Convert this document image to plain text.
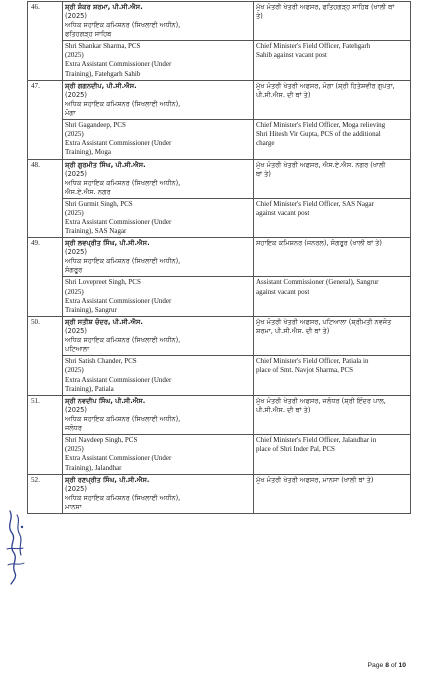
46.	ਸ਼੍ਰੀ ਸ਼ੰਕਰ ਸ਼ਰਮਾ, ਪੀ.ਸੀ.ਐਸ.
(2025)
ਅਧਿਕ ਸਹਾਇਕ ਕਮਿਸ਼ਨਰ (ਸਿਖਲਾਈ ਅਧੀਨ),
ਫਤਿਹਗੜ੍ਹ ਸਾਹਿਬ	ਮੁੱਖ ਮੰਤਰੀ ਖੇਤਰੀ ਅਫਸਰ, ਫਤਿਹਗੜ੍ਹ ਸਾਹਿਬ (ਖਾਲੀ ਥਾਂ
ਤੇ)

	Shri Shankar Sharma, PCS
(2025)
Extra Assistant Commissioner (Under
Training), Fatehgarh Sahib	Chief Minister's Field Officer, Fatehgarh
Sahib against vacant post

47.	ਸ਼੍ਰੀ ਗਗਨਦੀਪ, ਪੀ.ਸੀ.ਐਸ.
(2025)
ਅਧਿਕ ਸਹਾਇਕ ਕਮਿਸ਼ਨਰ (ਸਿਖਲਾਈ ਅਧੀਨ),
ਮੋਗਾ	ਮੁੱਖ ਮੰਤਰੀ ਖੇਤਰੀ ਅਫਸਰ, ਮੋਗਾ (ਸ਼੍ਰੀ ਹਿਤੇਸ਼ਵੀਰ ਗੁਪਤਾ,
ਪੀ.ਸੀ.ਐਸ. ਦੀ ਥਾਂ ਤੇ)

	Shri Gagandeep, PCS
(2025)
Extra Assistant Commissioner (Under
Training), Moga	Chief Minister's Field Officer, Moga relieving
Shri Hitesh Vir Gupta, PCS of the additional
charge

48.	ਸ਼੍ਰੀ ਗੁਰਮੀਤ ਸਿੰਘ, ਪੀ.ਸੀ.ਐਸ.
(2025)
ਅਧਿਕ ਸਹਾਇਕ ਕਮਿਸ਼ਨਰ (ਸਿਖਲਾਈ ਅਧੀਨ),
ਐਸ.ਏ.ਐਸ. ਨਗਰ	ਮੁੱਖ ਮੰਤਰੀ ਖੇਤਰੀ ਅਫਸਰ, ਐਸ.ਏ.ਐਸ. ਨਗਰ (ਖਾਲੀ
ਥਾਂ ਤੇ)

	Shri Gurmit Singh, PCS
(2025)
Extra Assistant Commissioner (Under
Training), SAS Nagar	Chief Minister's Field Officer, SAS Nagar
against vacant post

49.	ਸ਼੍ਰੀ ਲਵਪ੍ਰੀਤ ਸਿੰਘ, ਪੀ.ਸੀ.ਐਸ.
(2025)
ਅਧਿਕ ਸਹਾਇਕ ਕਮਿਸ਼ਨਰ (ਸਿਖਲਾਈ ਅਧੀਨ),
ਸੰਗਰੂਰ	ਸਹਾਇਕ ਕਮਿਸ਼ਨਰ (ਜਨਰਲ), ਸੰਗਰੂਰ (ਖਾਲੀ ਥਾਂ ਤੇ)

	Shri Lovepreet Singh, PCS
(2025)
Extra Assistant Commissioner (Under
Training), Sangrur	Assistant Commissioner (General), Sangrur
against vacant post

50.	ਸ਼੍ਰੀ ਸਤੀਸ਼ ਚੰਦਰ, ਪੀ.ਸੀ.ਐਸ.
(2025)
ਅਧਿਕ ਸਹਾਇਕ ਕਮਿਸ਼ਨਰ (ਸਿਖਲਾਈ ਅਧੀਨ),
ਪਟਿਆਲਾ	ਮੁੱਖ ਮੰਤਰੀ ਖੇਤਰੀ ਅਫਸਰ, ਪਟਿਆਲਾ (ਸ਼੍ਰੀਮਤੀ ਨਵਜੋਤ
ਸ਼ਰਮਾ, ਪੀ.ਸੀ.ਐਸ. ਦੀ ਥਾਂ ਤੇ)

	Shri Satish Chander, PCS
(2025)
Extra Assistant Commissioner (Under
Training), Patiala	Chief Minister's Field Officer, Patiala in
place of Smt. Navjot Sharma, PCS

51.	ਸ਼੍ਰੀ ਨਵਦੀਪ ਸਿੰਘ, ਪੀ.ਸੀ.ਐਸ.
(2025)
ਅਧਿਕ ਸਹਾਇਕ ਕਮਿਸ਼ਨਰ (ਸਿਖਲਾਈ ਅਧੀਨ),
ਜਲੰਧਰ	ਮੁੱਖ ਮੰਤਰੀ ਖੇਤਰੀ ਅਫਸਰ, ਜਲੰਧਰ (ਸ਼੍ਰੀ ਇੰਦਰ ਪਾਲ,
ਪੀ.ਸੀ.ਐਸ. ਦੀ ਥਾਂ ਤੇ)

	Shri Navdeep Singh, PCS
(2025)
Extra Assistant Commissioner (Under
Training), Jalandhar	Chief Minister's Field Officer, Jalandhar in
place of Shri Inder Pal, PCS

52.	ਸ਼੍ਰੀ ਰਣਪ੍ਰੀਤ ਸਿੰਘ, ਪੀ.ਸੀ.ਐਸ.
(2025)
ਅਧਿਕ ਸਹਾਇਕ ਕਮਿਸ਼ਨਰ (ਸਿਖਲਾਈ ਅਧੀਨ),
ਮਾਨਸਾ	ਮੁੱਖ ਮੰਤਰੀ ਖੇਤਰੀ ਅਫਸਰ, ਮਾਨਸਾ (ਖਾਲੀ ਥਾਂ ਤੇ)
Page 8 of 10
